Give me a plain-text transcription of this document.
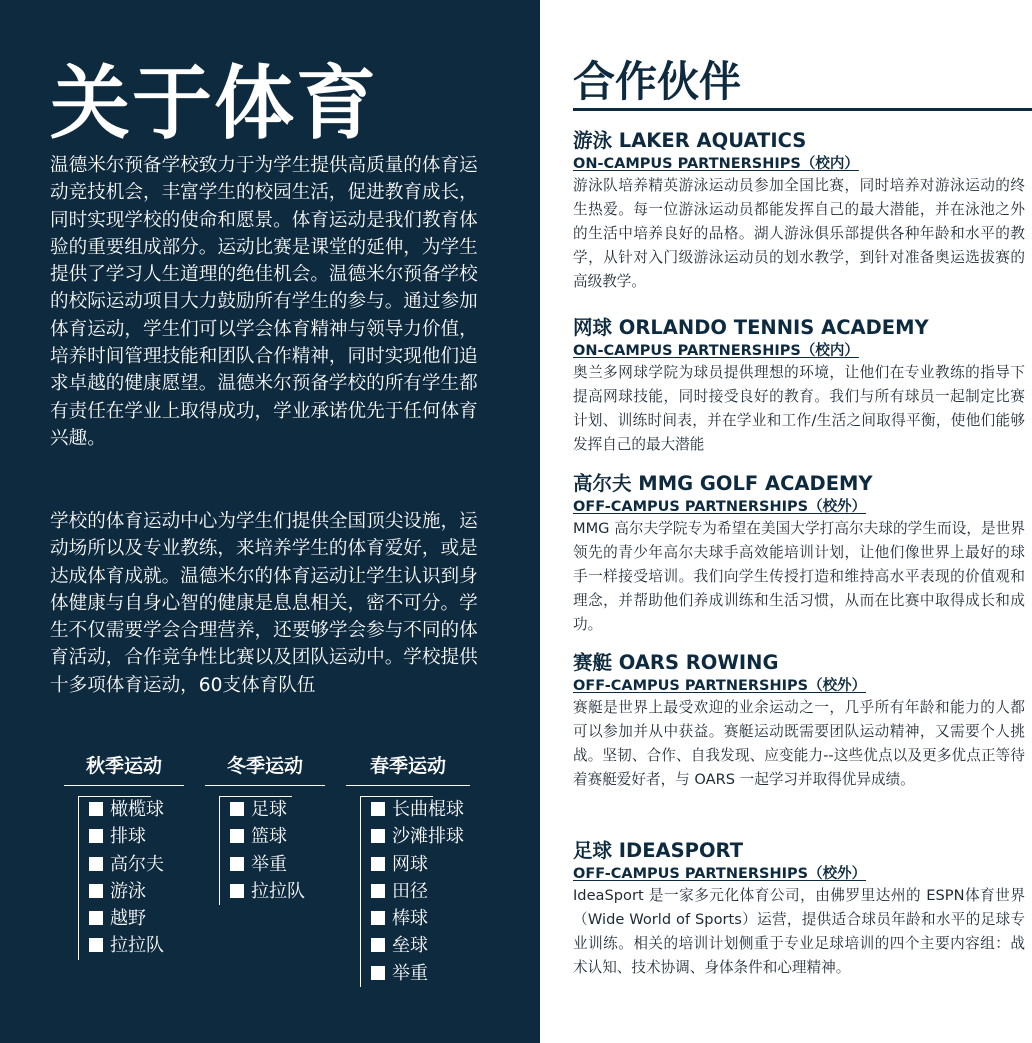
关于体育

温德米尔预备学校致力于为学生提供高质量的体育运动竞技机会，丰富学生的校园生活，促进教育成长，同时实现学校的使命和愿景。体育运动是我们教育体验的重要组成部分。运动比赛是课堂的延伸，为学生提供了学习人生道理的绝佳机会。温德米尔预备学校的校际运动项目大力鼓励所有学生的参与。通过参加体育运动，学生们可以学会体育精神与领导力价值，培养时间管理技能和团队合作精神，同时实现他们追求卓越的健康愿望。温德米尔预备学校的所有学生都有责任在学业上取得成功，学业承诺优先于任何体育兴趣。

学校的体育运动中心为学生们提供全国顶尖设施，运动场所以及专业教练，来培养学生的体育爱好，或是达成体育成就。温德米尔的体育运动让学生认识到身体健康与自身心智的健康是息息相关，密不可分。学生不仅需要学会合理营养，还要够学会参与不同的体育活动，合作竞争性比赛以及团队运动中。学校提供十多项体育运动，60支体育队伍

秋季运动
橄榄球
排球
高尔夫
游泳
越野
拉拉队
冬季运动
足球
篮球
举重
拉拉队
春季运动
长曲棍球
沙滩排球
网球
田径
棒球
垒球
举重
合作伙伴
游泳 LAKER AQUATICS
ON-CAMPUS PARTNERSHIPS（校内）
游泳队培养精英游泳运动员参加全国比赛，同时培养对游泳运动的终生热爱。每一位游泳运动员都能发挥自己的最大潜能，并在泳池之外的生活中培养良好的品格。湖人游泳俱乐部提供各种年龄和水平的教学，从针对入门级游泳运动员的划水教学，到针对准备奥运选拔赛的高级教学。
网球 ORLANDO TENNIS ACADEMY
ON-CAMPUS PARTNERSHIPS（校内）
奥兰多网球学院为球员提供理想的环境，让他们在专业教练的指导下提高网球技能，同时接受良好的教育。我们与所有球员一起制定比赛计划、训练时间表，并在学业和工作/生活之间取得平衡，使他们能够发挥自己的最大潜能
高尔夫 MMG GOLF ACADEMY
OFF-CAMPUS PARTNERSHIPS（校外）
MMG 高尔夫学院专为希望在美国大学打高尔夫球的学生而设，是世界领先的青少年高尔夫球手高效能培训计划，让他们像世界上最好的球手一样接受培训。我们向学生传授打造和维持高水平表现的价值观和理念，并帮助他们养成训练和生活习惯，从而在比赛中取得成长和成功。
赛艇 OARS ROWING
OFF-CAMPUS PARTNERSHIPS（校外）
赛艇是世界上最受欢迎的业余运动之一，几乎所有年龄和能力的人都可以参加并从中获益。赛艇运动既需要团队运动精神，又需要个人挑战。坚韧、合作、自我发现、应变能力--这些优点以及更多优点正等待着赛艇爱好者，与 OARS 一起学习并取得优异成绩。
足球 IDEASPORT
OFF-CAMPUS PARTNERSHIPS（校外）
IdeaSport 是一家多元化体育公司，由佛罗里达州的 ESPN体育世界（Wide World of Sports）运营，提供适合球员年龄和水平的足球专业训练。相关的培训计划侧重于专业足球培训的四个主要内容组：战术认知、技术协调、身体条件和心理精神。
